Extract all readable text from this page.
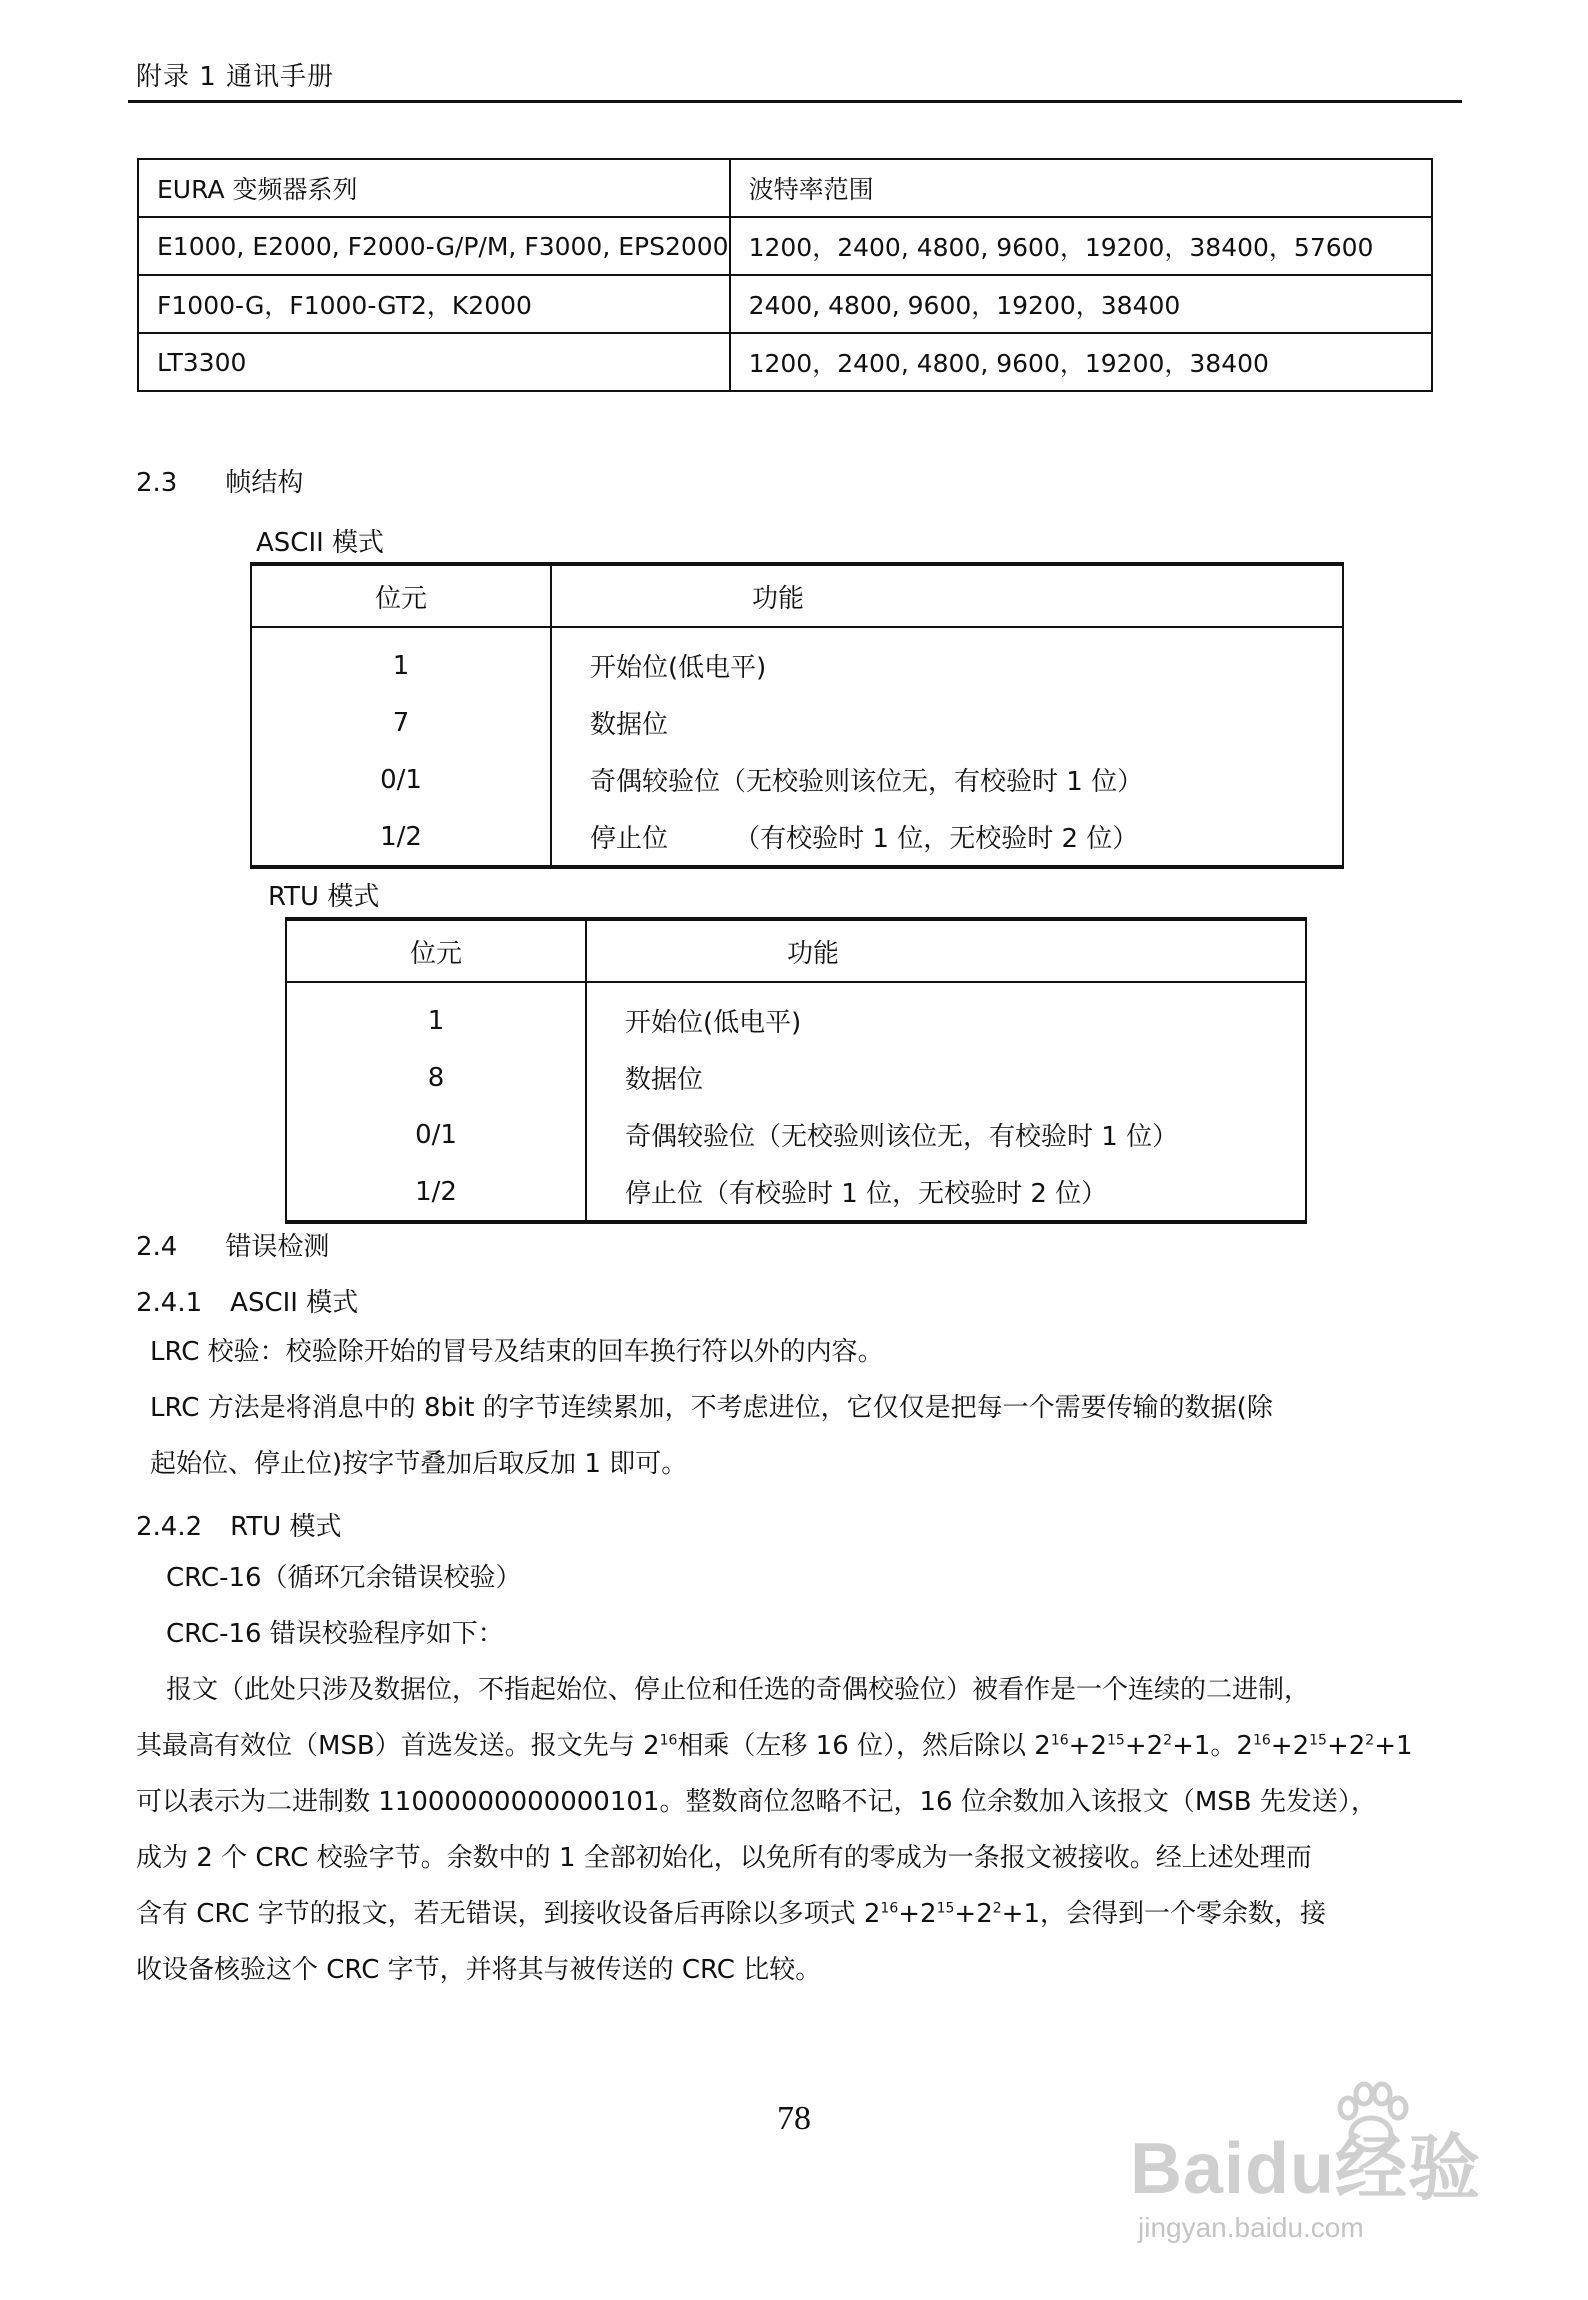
附录 1 通讯手册
EURA 变频器系列	波特率范围
E1000, E2000, F2000-G/P/M, F3000, EPS2000	1200，2400, 4800, 9600，19200，38400，57600
F1000-G，F1000-GT2，K2000	2400, 4800, 9600，19200，38400
LT3300	1200，2400, 4800, 9600，19200，38400
2.3 帧结构
ASCII 模式
位元	功能
1	开始位(低电平)
7	数据位
0/1	奇偶较验位（无校验则该位无，有校验时 1 位）
1/2	停止位        （有校验时 1 位，无校验时 2 位）
RTU 模式
位元	功能
1	开始位(低电平)
8	数据位
0/1	奇偶较验位（无校验则该位无，有校验时 1 位）
1/2	停止位（有校验时 1 位，无校验时 2 位）
2.4 错误检测
2.4.1 ASCII 模式
LRC 校验：校验除开始的冒号及结束的回车换行符以外的内容。
LRC 方法是将消息中的 8bit 的字节连续累加，不考虑进位，它仅仅是把每一个需要传输的数据(除
起始位、停止位)按字节叠加后取反加 1 即可。
2.4.2 RTU 模式
CRC-16（循环冗余错误校验）
CRC-16 错误校验程序如下：
报文（此处只涉及数据位，不指起始位、停止位和任选的奇偶校验位）被看作是一个连续的二进制，
其最高有效位（MSB）首选发送。报文先与 $2^{16}$相乘（左移 16 位），然后除以 $2^{16}+2^{15}+2^2+1$。$2^{16}+2^{15}+2^2+1$
可以表示为二进制数 11000000000000101。整数商位忽略不记，16 位余数加入该报文（MSB 先发送），
成为 2 个 CRC 校验字节。余数中的 1 全部初始化，以免所有的零成为一条报文被接收。经上述处理而
含有 CRC 字节的报文，若无错误，到接收设备后再除以多项式 $2^{16}+2^{15}+2^2+1$，会得到一个零余数，接
收设备核验这个 CRC 字节，并将其与被传送的 CRC 比较。
78
Baidu经验
jingyan.baidu.com
